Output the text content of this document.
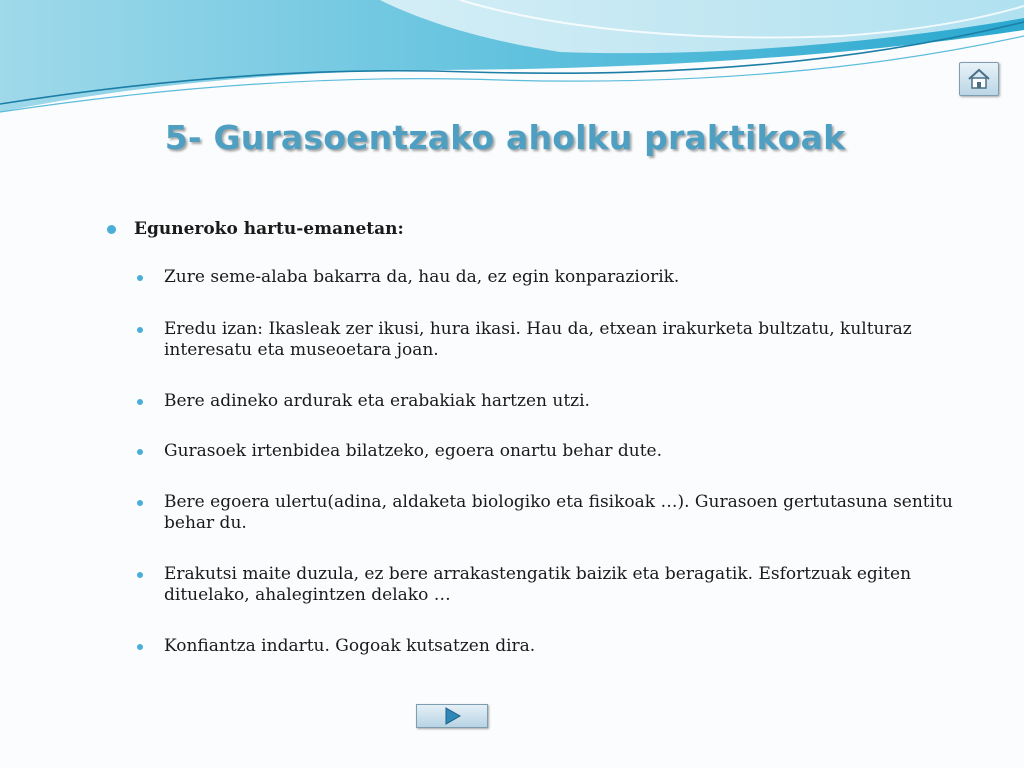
5- Gurasoentzako aholku praktikoak
Eguneroko hartu-emanetan:
Zure seme-alaba bakarra da, hau da, ez egin konparaziorik.
Eredu izan: Ikasleak zer ikusi, hura ikasi. Hau da, etxean irakurketa bultzatu, kulturaz interesatu eta museoetara joan.
Bere adineko ardurak eta erabakiak hartzen utzi.
Gurasoek irtenbidea bilatzeko, egoera onartu behar dute.
Bere egoera ulertu(adina, aldaketa biologiko eta fisikoak …). Gurasoen gertutasuna sentitu behar du.
Erakutsi maite duzula, ez bere arrakastengatik baizik eta beragatik. Esfortzuak egiten dituelako, ahalegintzen delako …
Konfiantza indartu. Gogoak kutsatzen dira.
